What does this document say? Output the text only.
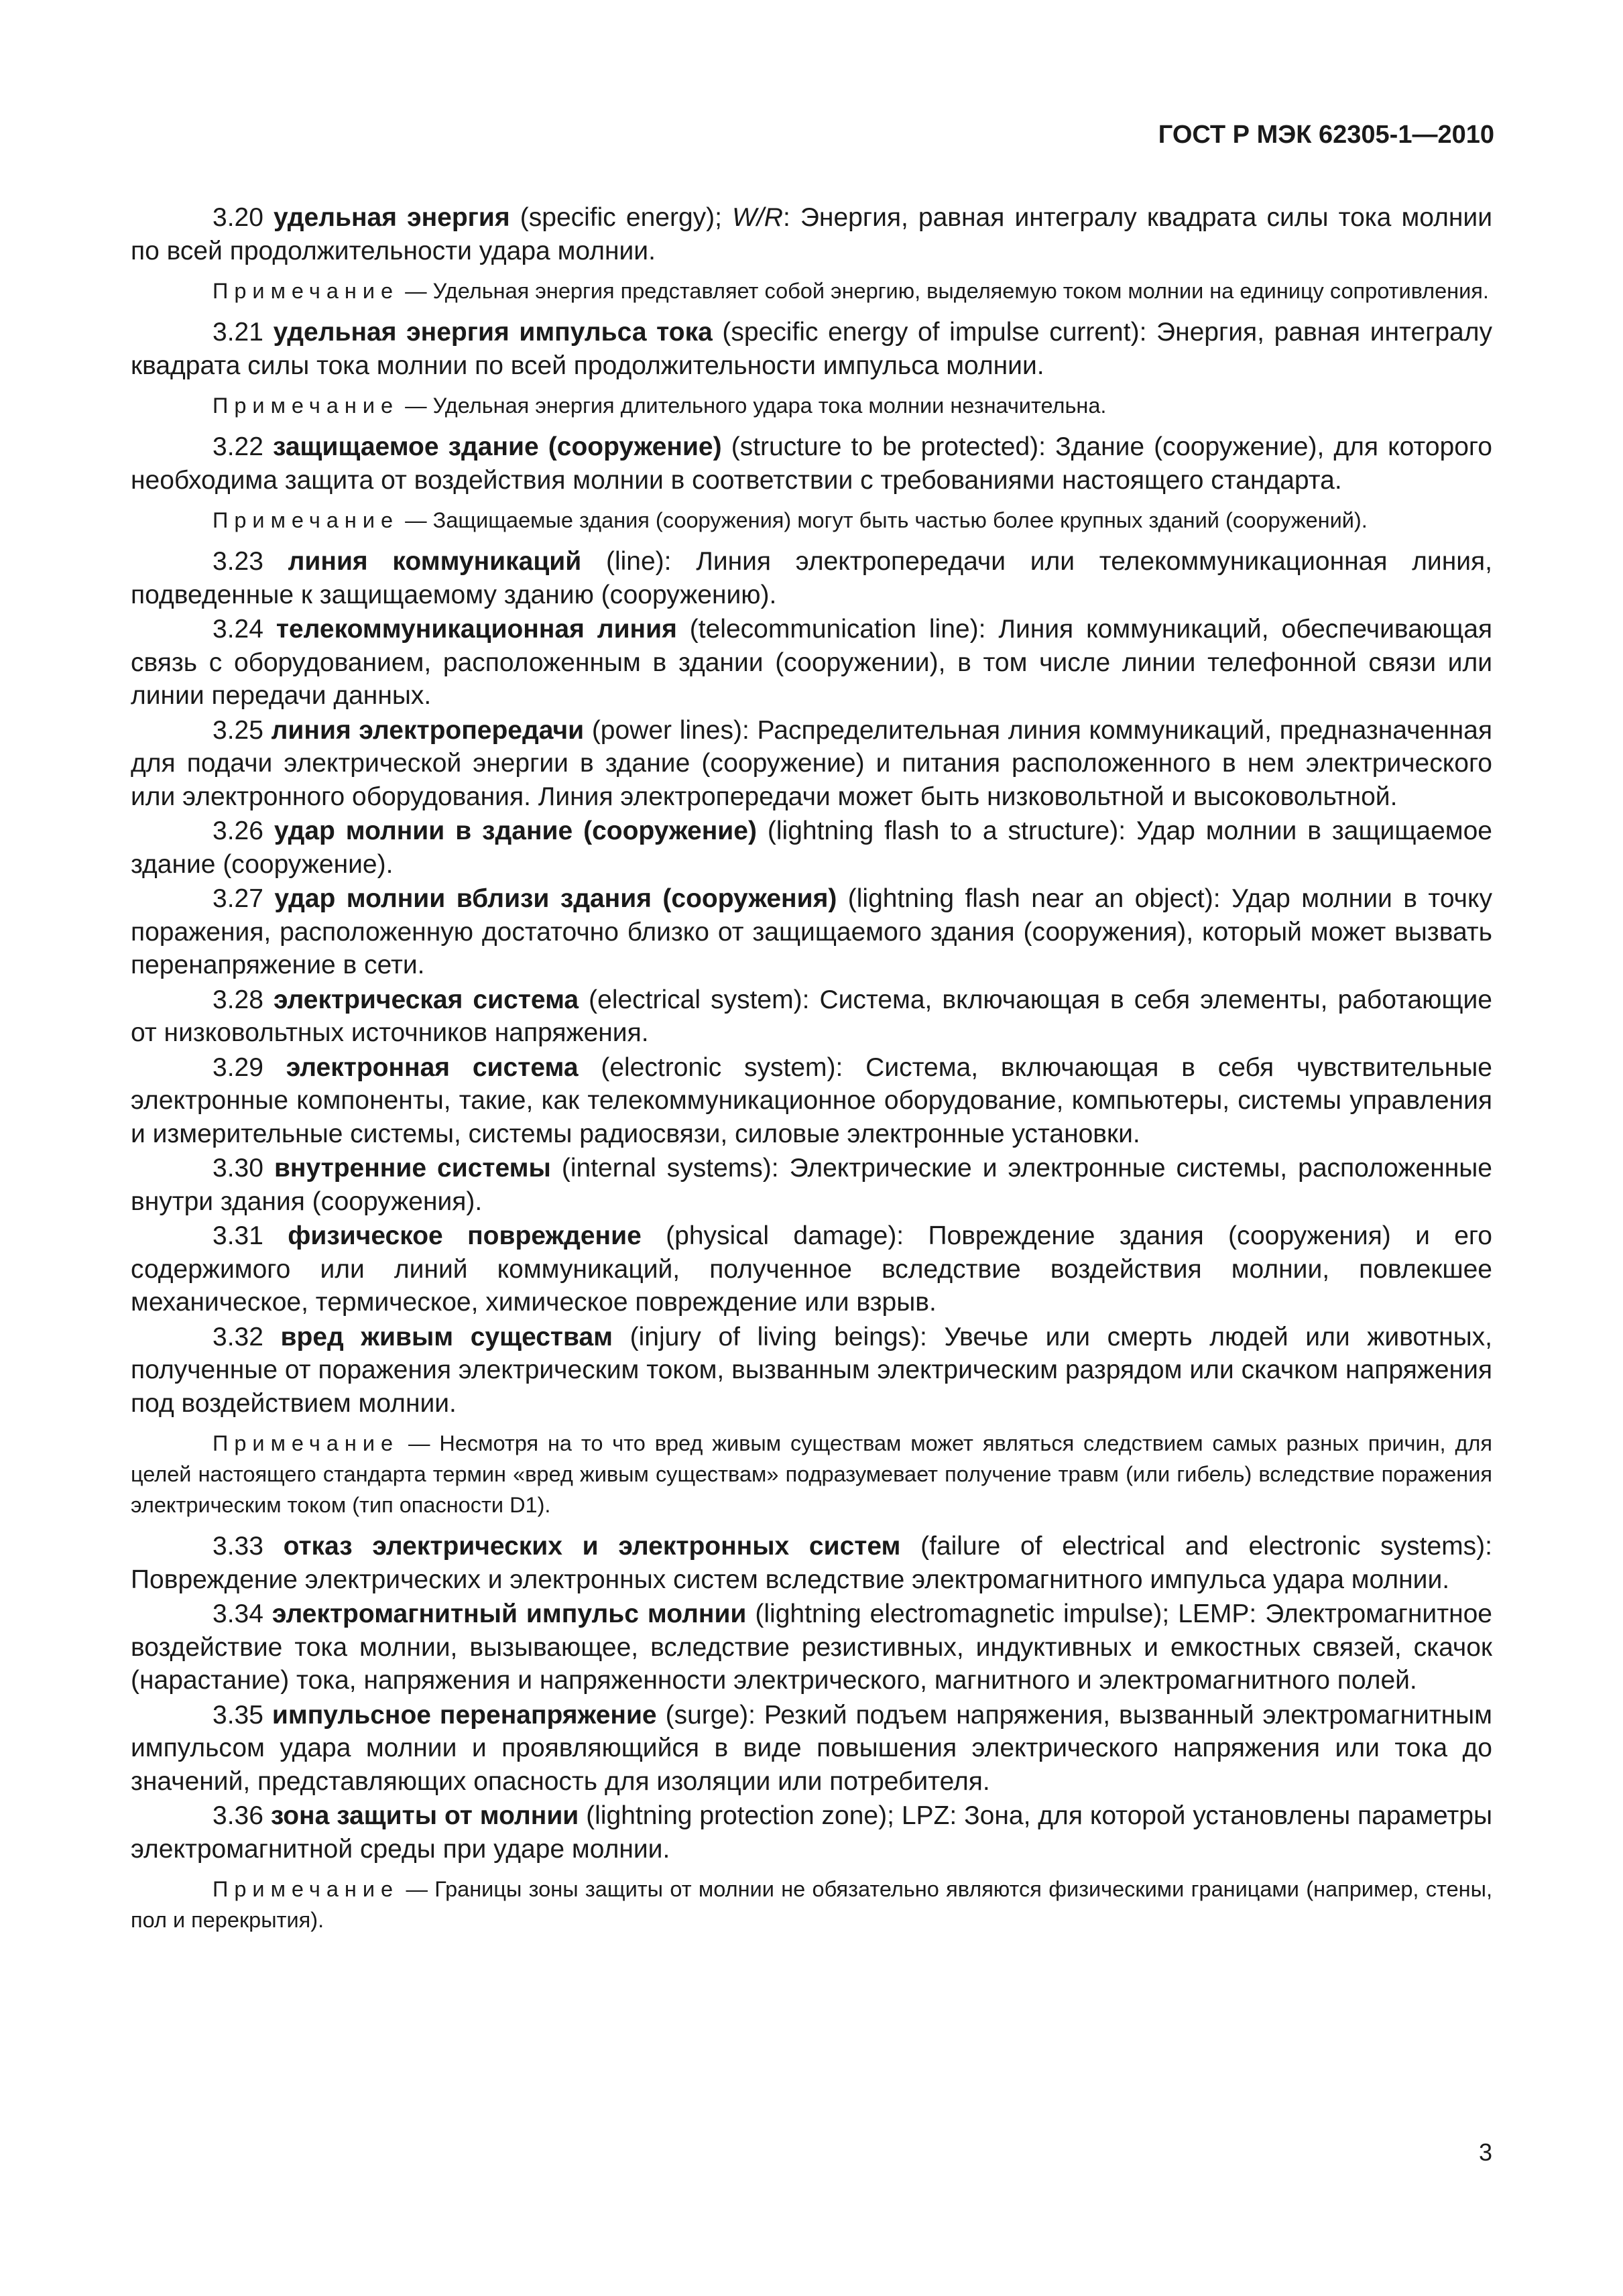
ГОСТ Р МЭК 62305-1—2010

3.20 удельная энергия (specific energy); W/R: Энергия, равная интегралу квадрата силы тока молнии по всей продолжительности удара молнии.

Примечание — Удельная энергия представляет собой энергию, выделяемую током молнии на единицу сопротивления.

3.21 удельная энергия импульса тока (specific energy of impulse current): Энергия, равная интегралу квадрата силы тока молнии по всей продолжительности импульса молнии.

Примечание — Удельная энергия длительного удара тока молнии незначительна.

3.22 защищаемое здание (сооружение) (structure to be protected): Здание (сооружение), для которого необходима защита от воздействия молнии в соответствии с требованиями настоящего стандарта.

Примечание — Защищаемые здания (сооружения) могут быть частью более крупных зданий (сооружений).

3.23 линия коммуникаций (line): Линия электропередачи или телекоммуникационная линия, подведенные к защищаемому зданию (сооружению).

3.24 телекоммуникационная линия (telecommunication line): Линия коммуникаций, обеспечивающая связь с оборудованием, расположенным в здании (сооружении), в том числе линии телефонной связи или линии передачи данных.

3.25 линия электропередачи (power lines): Распределительная линия коммуникаций, предназначенная для подачи электрической энергии в здание (сооружение) и питания расположенного в нем электрического или электронного оборудования. Линия электропередачи может быть низковольтной и высоковольтной.

3.26 удар молнии в здание (сооружение) (lightning flash to a structure): Удар молнии в защищаемое здание (сооружение).

3.27 удар молнии вблизи здания (сооружения) (lightning flash near an object): Удар молнии в точку поражения, расположенную достаточно близко от защищаемого здания (сооружения), который может вызвать перенапряжение в сети.

3.28 электрическая система (electrical system): Система, включающая в себя элементы, работающие от низковольтных источников напряжения.

3.29 электронная система (electronic system): Система, включающая в себя чувствительные электронные компоненты, такие, как телекоммуникационное оборудование, компьютеры, системы управления и измерительные системы, системы радиосвязи, силовые электронные установки.

3.30 внутренние системы (internal systems): Электрические и электронные системы, расположенные внутри здания (сооружения).

3.31 физическое повреждение (physical damage): Повреждение здания (сооружения) и его содержимого или линий коммуникаций, полученное вследствие воздействия молнии, повлекшее механическое, термическое, химическое повреждение или взрыв.

3.32 вред живым существам (injury of living beings): Увечье или смерть людей или животных, полученные от поражения электрическим током, вызванным электрическим разрядом или скачком напряжения под воздействием молнии.

Примечание — Несмотря на то что вред живым существам может являться следствием самых разных причин, для целей настоящего стандарта термин «вред живым существам» подразумевает получение травм (или гибель) вследствие поражения электрическим током (тип опасности D1).

3.33 отказ электрических и электронных систем (failure of electrical and electronic systems): Повреждение электрических и электронных систем вследствие электромагнитного импульса удара молнии.

3.34 электромагнитный импульс молнии (lightning electromagnetic impulse); LEMP: Электромагнитное воздействие тока молнии, вызывающее, вследствие резистивных, индуктивных и емкостных связей, скачок (нарастание) тока, напряжения и напряженности электрического, магнитного и электромагнитного полей.

3.35 импульсное перенапряжение (surge): Резкий подъем напряжения, вызванный электромагнитным импульсом удара молнии и проявляющийся в виде повышения электрического напряжения или тока до значений, представляющих опасность для изоляции или потребителя.

3.36 зона защиты от молнии (lightning protection zone); LPZ: Зона, для которой установлены параметры электромагнитной среды при ударе молнии.

Примечание — Границы зоны защиты от молнии не обязательно являются физическими границами (например, стены, пол и перекрытия).

3
